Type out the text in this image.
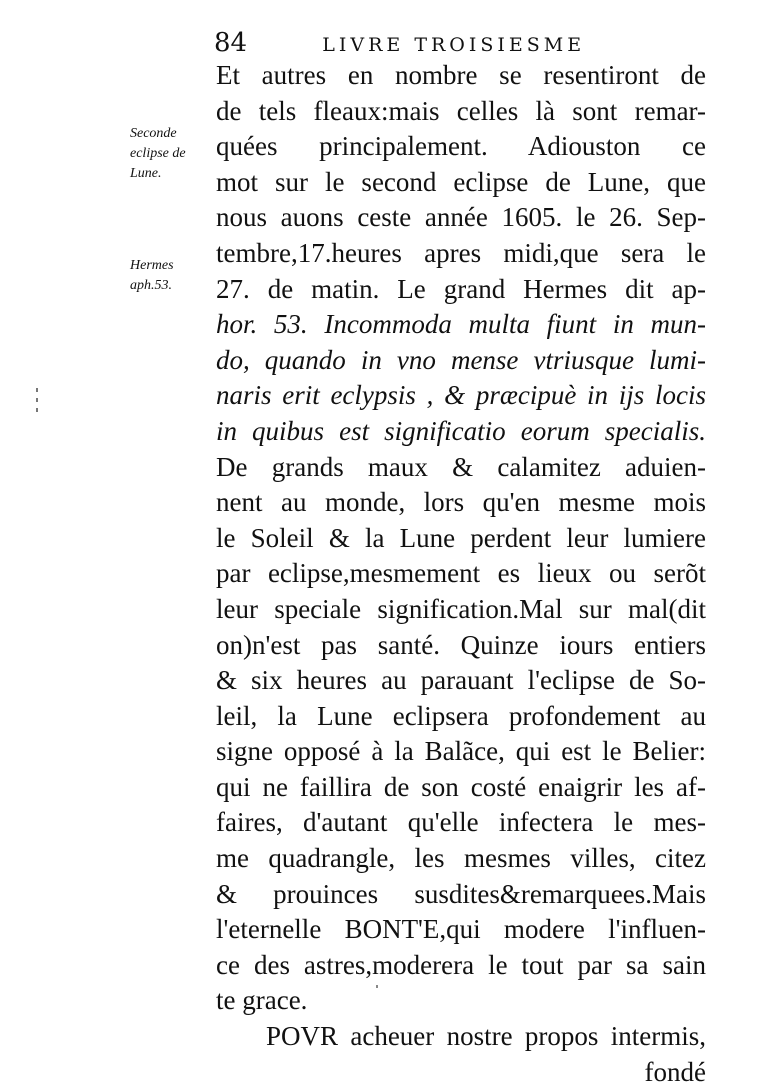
84	LIVRE TROISIESME
Seconde
eclipse de
Lune.
Hermes
aph.53.
Et autres en nombre se resentiront de
de tels fleaux:mais celles là sont remar-
quées principalement. Adiouston ce
mot sur le second eclipse de Lune, que
nous auons ceste année 1605. le 26. Sep-
tembre,17.heures apres midi,que sera le
27. de matin. Le grand Hermes dit ap-
hor. 53. Incommoda multa fiunt in mun-
do, quando in vno mense vtriusque lumi-
naris erit eclypsis , & præcipuè in ijs locis
in quibus est significatio eorum specialis.
De grands maux & calamitez aduien-
nent au monde, lors qu'en mesme mois
le Soleil & la Lune perdent leur lumiere
par eclipse,mesmement es lieux ou serõt
leur speciale signification.Mal sur mal(dit
on)n'est pas santé. Quinze iours entiers
& six heures au parauant l'eclipse de So-
leil, la Lune eclipsera profondement au
signe opposé à la Balãce, qui est le Belier:
qui ne faillira de son costé enaigrir les af-
faires, d'autant qu'elle infectera le mes-
me quadrangle, les mesmes villes, citez
& prouinces susdites&remarquees.Mais
l'eternelle BONT'E,qui modere l'influen-
ce des astres,moderera le tout par sa sain
te grace.
POVR acheuer nostre propos intermis,
fondé
